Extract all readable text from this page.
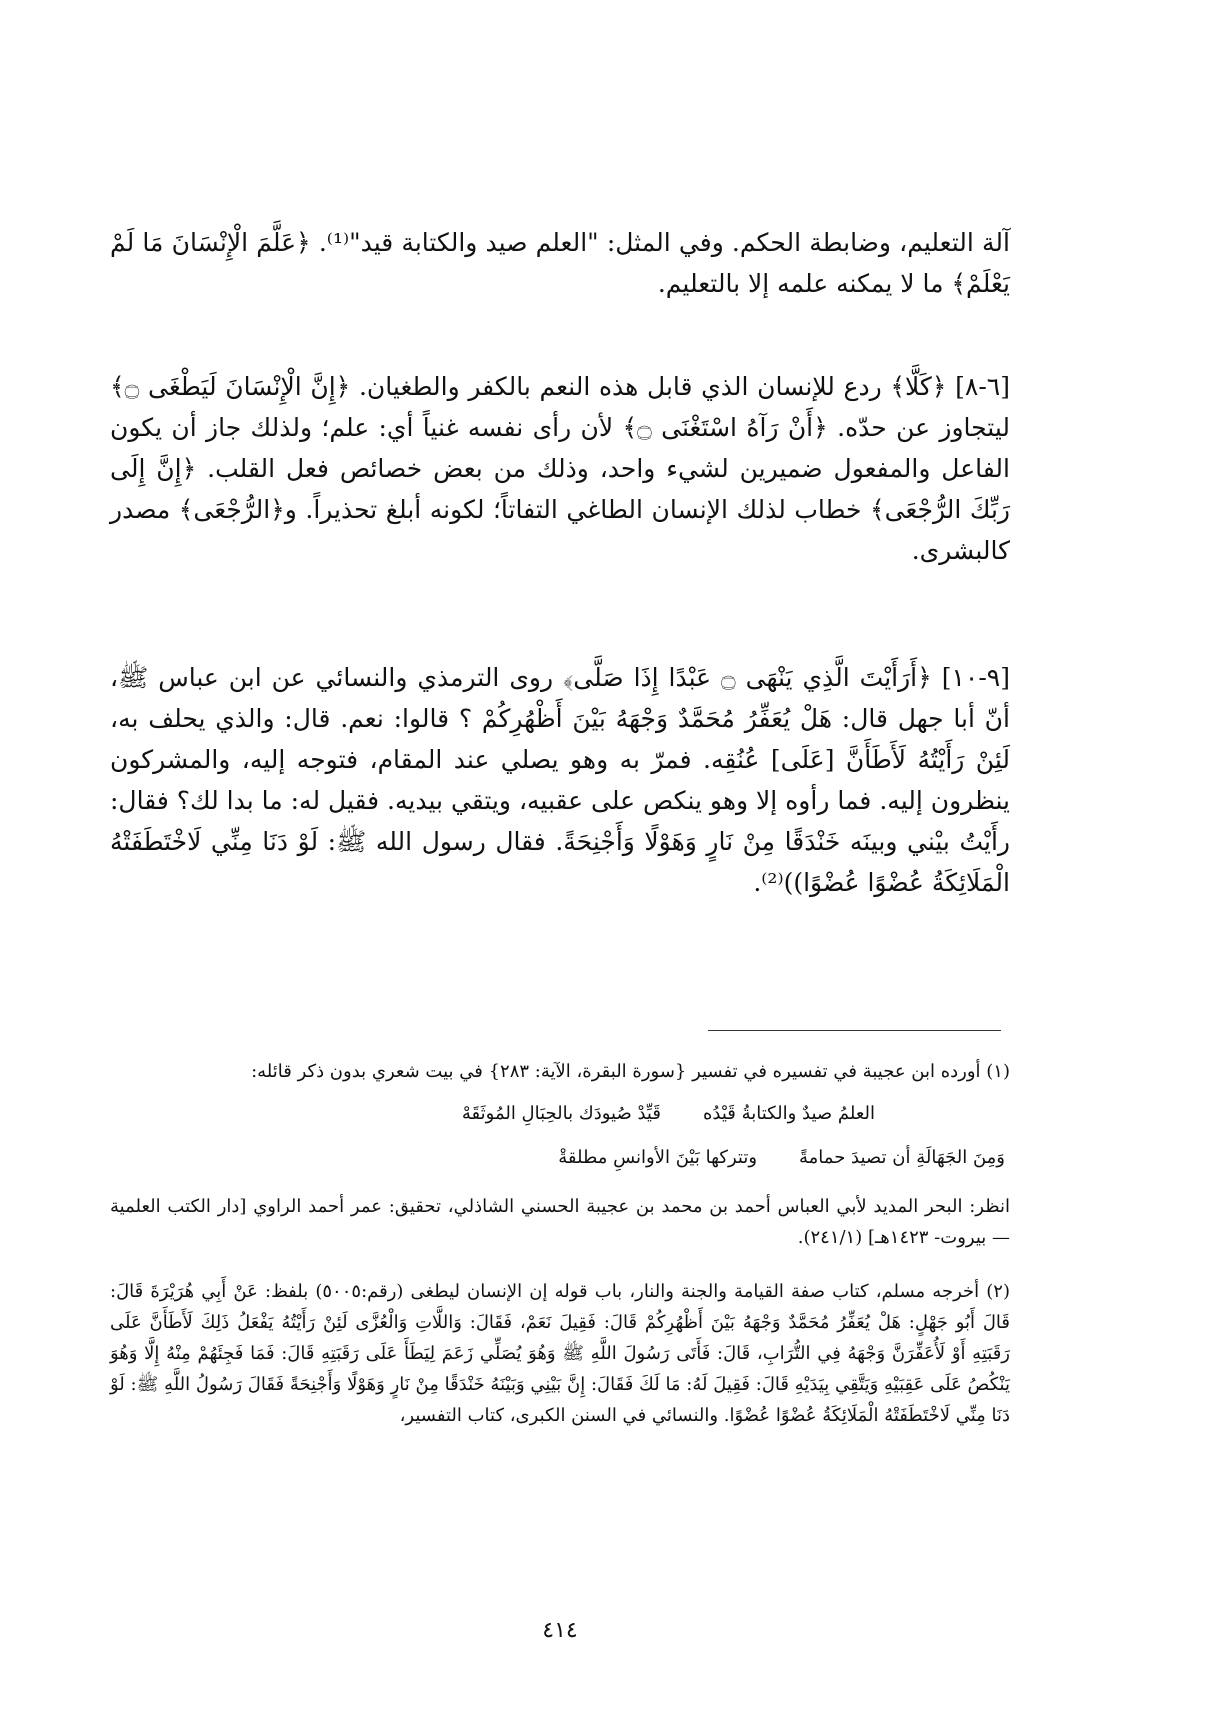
آلة التعليم، وضابطة الحكم. وفي المثل: "العلم صيد والكتابة قيد"⁽¹⁾. ﴿عَلَّمَ الْإِنْسَانَ مَا لَمْ يَعْلَمْ﴾ ما لا يمكنه علمه إلا بالتعليم.

[٦-٨] ﴿كَلَّا﴾ ردع للإنسان الذي قابل هذه النعم بالكفر والطغيان. ﴿إِنَّ الْإِنْسَانَ لَيَطْغَى ۝﴾ ليتجاوز عن حدّه. ﴿أَنْ رَآهُ اسْتَغْنَى ۝﴾ لأن رأى نفسه غنياً أي: علم؛ ولذلك جاز أن يكون الفاعل والمفعول ضميرين لشيء واحد، وذلك من بعض خصائص فعل القلب. ﴿إِنَّ إِلَى رَبِّكَ الرُّجْعَى﴾ خطاب لذلك الإنسان الطاغي التفاتاً؛ لكونه أبلغ تحذيراً. و﴿الرُّجْعَى﴾ مصدر كالبشرى.

[٩-١٠] ﴿أَرَأَيْتَ الَّذِي يَنْهَى ۝ عَبْدًا إِذَا صَلَّى﴾ روى الترمذي والنسائي عن ابن عباس ﷺ، أنّ أبا جهل قال: هَلْ يُعَفِّرُ مُحَمَّدٌ وَجْهَهُ بَيْنَ أَظْهُرِكُمْ ؟ قالوا: نعم. قال: والذي يحلف به، لَئِنْ رَأَيْتُهُ لَأَطَأَنَّ [عَلَى] عُنُقِه. فمرّ به وهو يصلي عند المقام، فتوجه إليه، والمشركون ينظرون إليه. فما رأوه إلا وهو ينكص على عقبيه، ويتقي بيديه. فقيل له: ما بدا لك؟ فقال: رأَيْتُ بيْني وبينَه خَنْدَقًا مِنْ نَارٍ وَهَوْلًا وَأَجْنِحَةً. فقال رسول الله ﷺ: لَوْ دَنَا مِنِّي لَاخْتَطَفَتْهُ الْمَلَائِكَةُ عُضْوًا عُضْوًا))⁽²⁾.

(١) أورده ابن عجيبة في تفسيره في تفسير {سورة البقرة، الآية: ٢٨٣} في بيت شعري بدون ذكر قائله:

العلمُ صيدٌ والكتابةُ قَيْدُهقَيِّدْ صُيودَك بالحِبَالِ المُوثَقَهْ
وَمِنَ الجَهَالَةِ أن تصيدَ حمامةًوتتركها بَيْنَ الأوانسِ مطلقةْ

انظر: البحر المديد لأبي العباس أحمد بن محمد بن عجيبة الحسني الشاذلي، تحقيق: عمر أحمد الراوي [دار الكتب العلمية — بيروت- ١٤٢٣هـ] (٢٤١/١).

(٢) أخرجه مسلم، كتاب صفة القيامة والجنة والنار، باب قوله إن الإنسان ليطغى (رقم:٥٠٠٥) بلفظ: عَنْ أَبِي هُرَيْرَةَ قَالَ: قَالَ أَبُو جَهْلٍ: هَلْ يُعَفِّرُ مُحَمَّدٌ وَجْهَهُ بَيْنَ أَظْهُرِكُمْ قَالَ: فَقِيلَ نَعَمْ، فَقَالَ: وَاللَّاتِ وَالْعُزَّى لَئِنْ رَأَيْتُهُ يَفْعَلُ ذَلِكَ لَأَطَأَنَّ عَلَى رَقَبَتِهِ أَوْ لَأُعَفِّرَنَّ وَجْهَهُ فِي التُّرَابِ، قَالَ: فَأَتَى رَسُولَ اللَّهِ ﷺ وَهُوَ يُصَلِّي زَعَمَ لِيَطَأَ عَلَى رَقَبَتِهِ قَالَ: فَمَا فَجِئَهُمْ مِنْهُ إِلَّا وَهُوَ يَنْكُصُ عَلَى عَقِبَيْهِ وَيَتَّقِي بِيَدَيْهِ قَالَ: فَقِيلَ لَهُ: مَا لَكَ فَقَالَ: إِنَّ بَيْنِي وَبَيْنَهُ خَنْدَقًا مِنْ نَارٍ وَهَوْلًا وَأَجْنِحَةً فَقَالَ رَسُولُ اللَّهِ ﷺ: لَوْ دَنَا مِنِّي لَاخْتَطَفَتْهُ الْمَلَائِكَةُ عُضْوًا عُضْوًا. والنسائي في السنن الكبرى، كتاب التفسير،

٤١٤
